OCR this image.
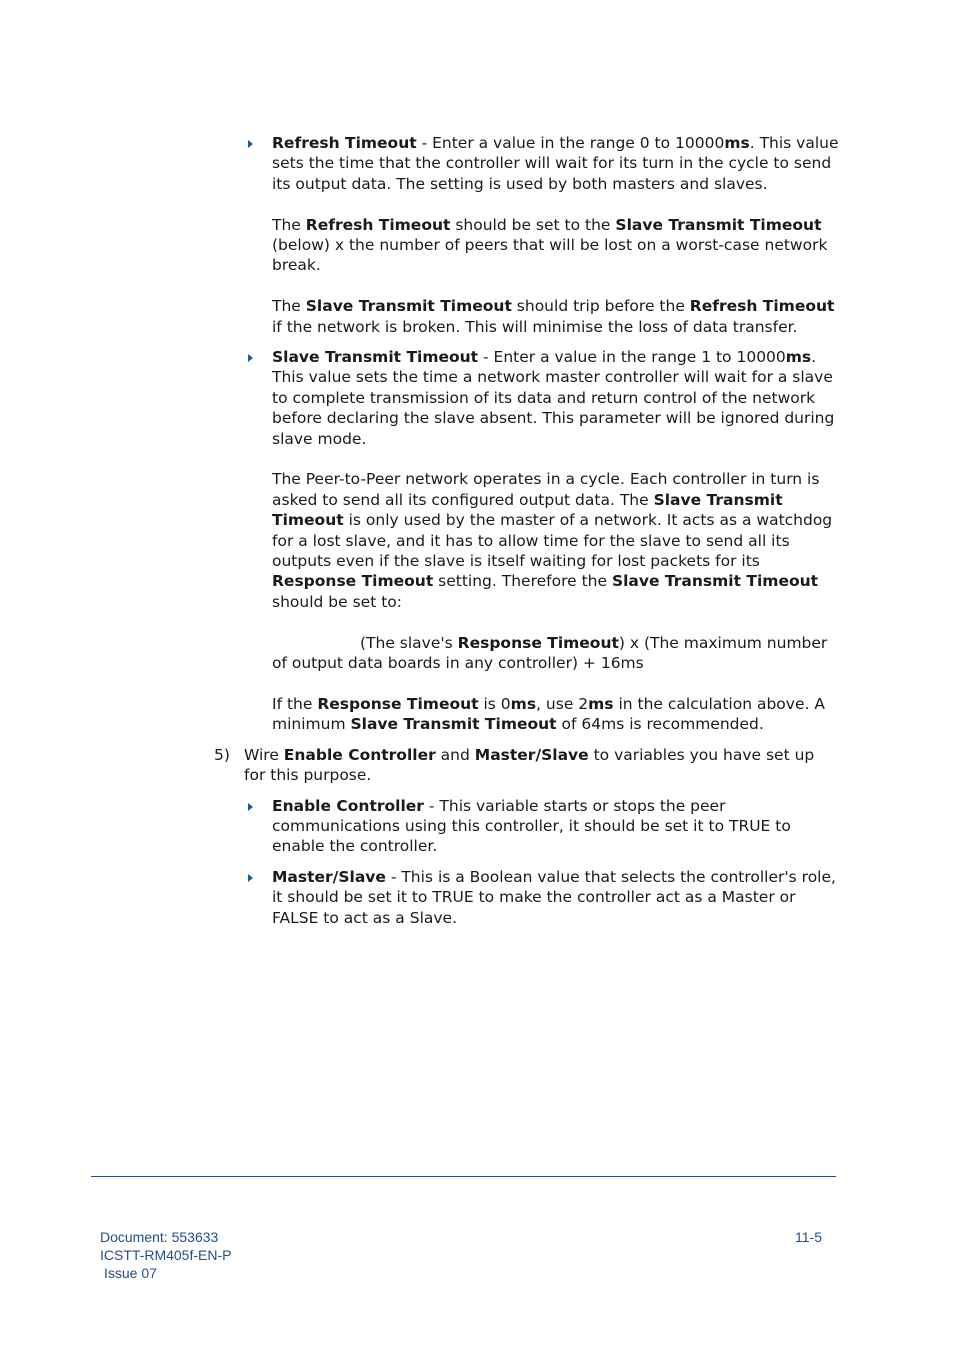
Refresh Timeout - Enter a value in the range 0 to 10000ms. This value sets the time that the controller will wait for its turn in the cycle to send its output data. The setting is used by both masters and slaves.

The Refresh Timeout should be set to the Slave Transmit Timeout (below) x the number of peers that will be lost on a worst-case network break.

The Slave Transmit Timeout should trip before the Refresh Timeout if the network is broken. This will minimise the loss of data transfer.

Slave Transmit Timeout - Enter a value in the range 1 to 10000ms. This value sets the time a network master controller will wait for a slave to complete transmission of its data and return control of the network before declaring the slave absent. This parameter will be ignored during slave mode.

The Peer-to-Peer network operates in a cycle. Each controller in turn is asked to send all its configured output data. The Slave Transmit Timeout is only used by the master of a network. It acts as a watchdog for a lost slave, and it has to allow time for the slave to send all its outputs even if the slave is itself waiting for lost packets for its Response Timeout setting. Therefore the Slave Transmit Timeout should be set to:

(The slave's Response Timeout) x (The maximum number of output data boards in any controller) + 16ms

If the Response Timeout is 0ms, use 2ms in the calculation above. A minimum Slave Transmit Timeout of 64ms is recommended.

5) Wire Enable Controller and Master/Slave to variables you have set up for this purpose.

Enable Controller - This variable starts or stops the peer communications using this controller, it should be set it to TRUE to enable the controller.

Master/Slave - This is a Boolean value that selects the controller's role, it should be set it to TRUE to make the controller act as a Master or FALSE to act as a Slave.

Document: 553633
ICSTT-RM405f-EN-P
Issue 07
11-5
